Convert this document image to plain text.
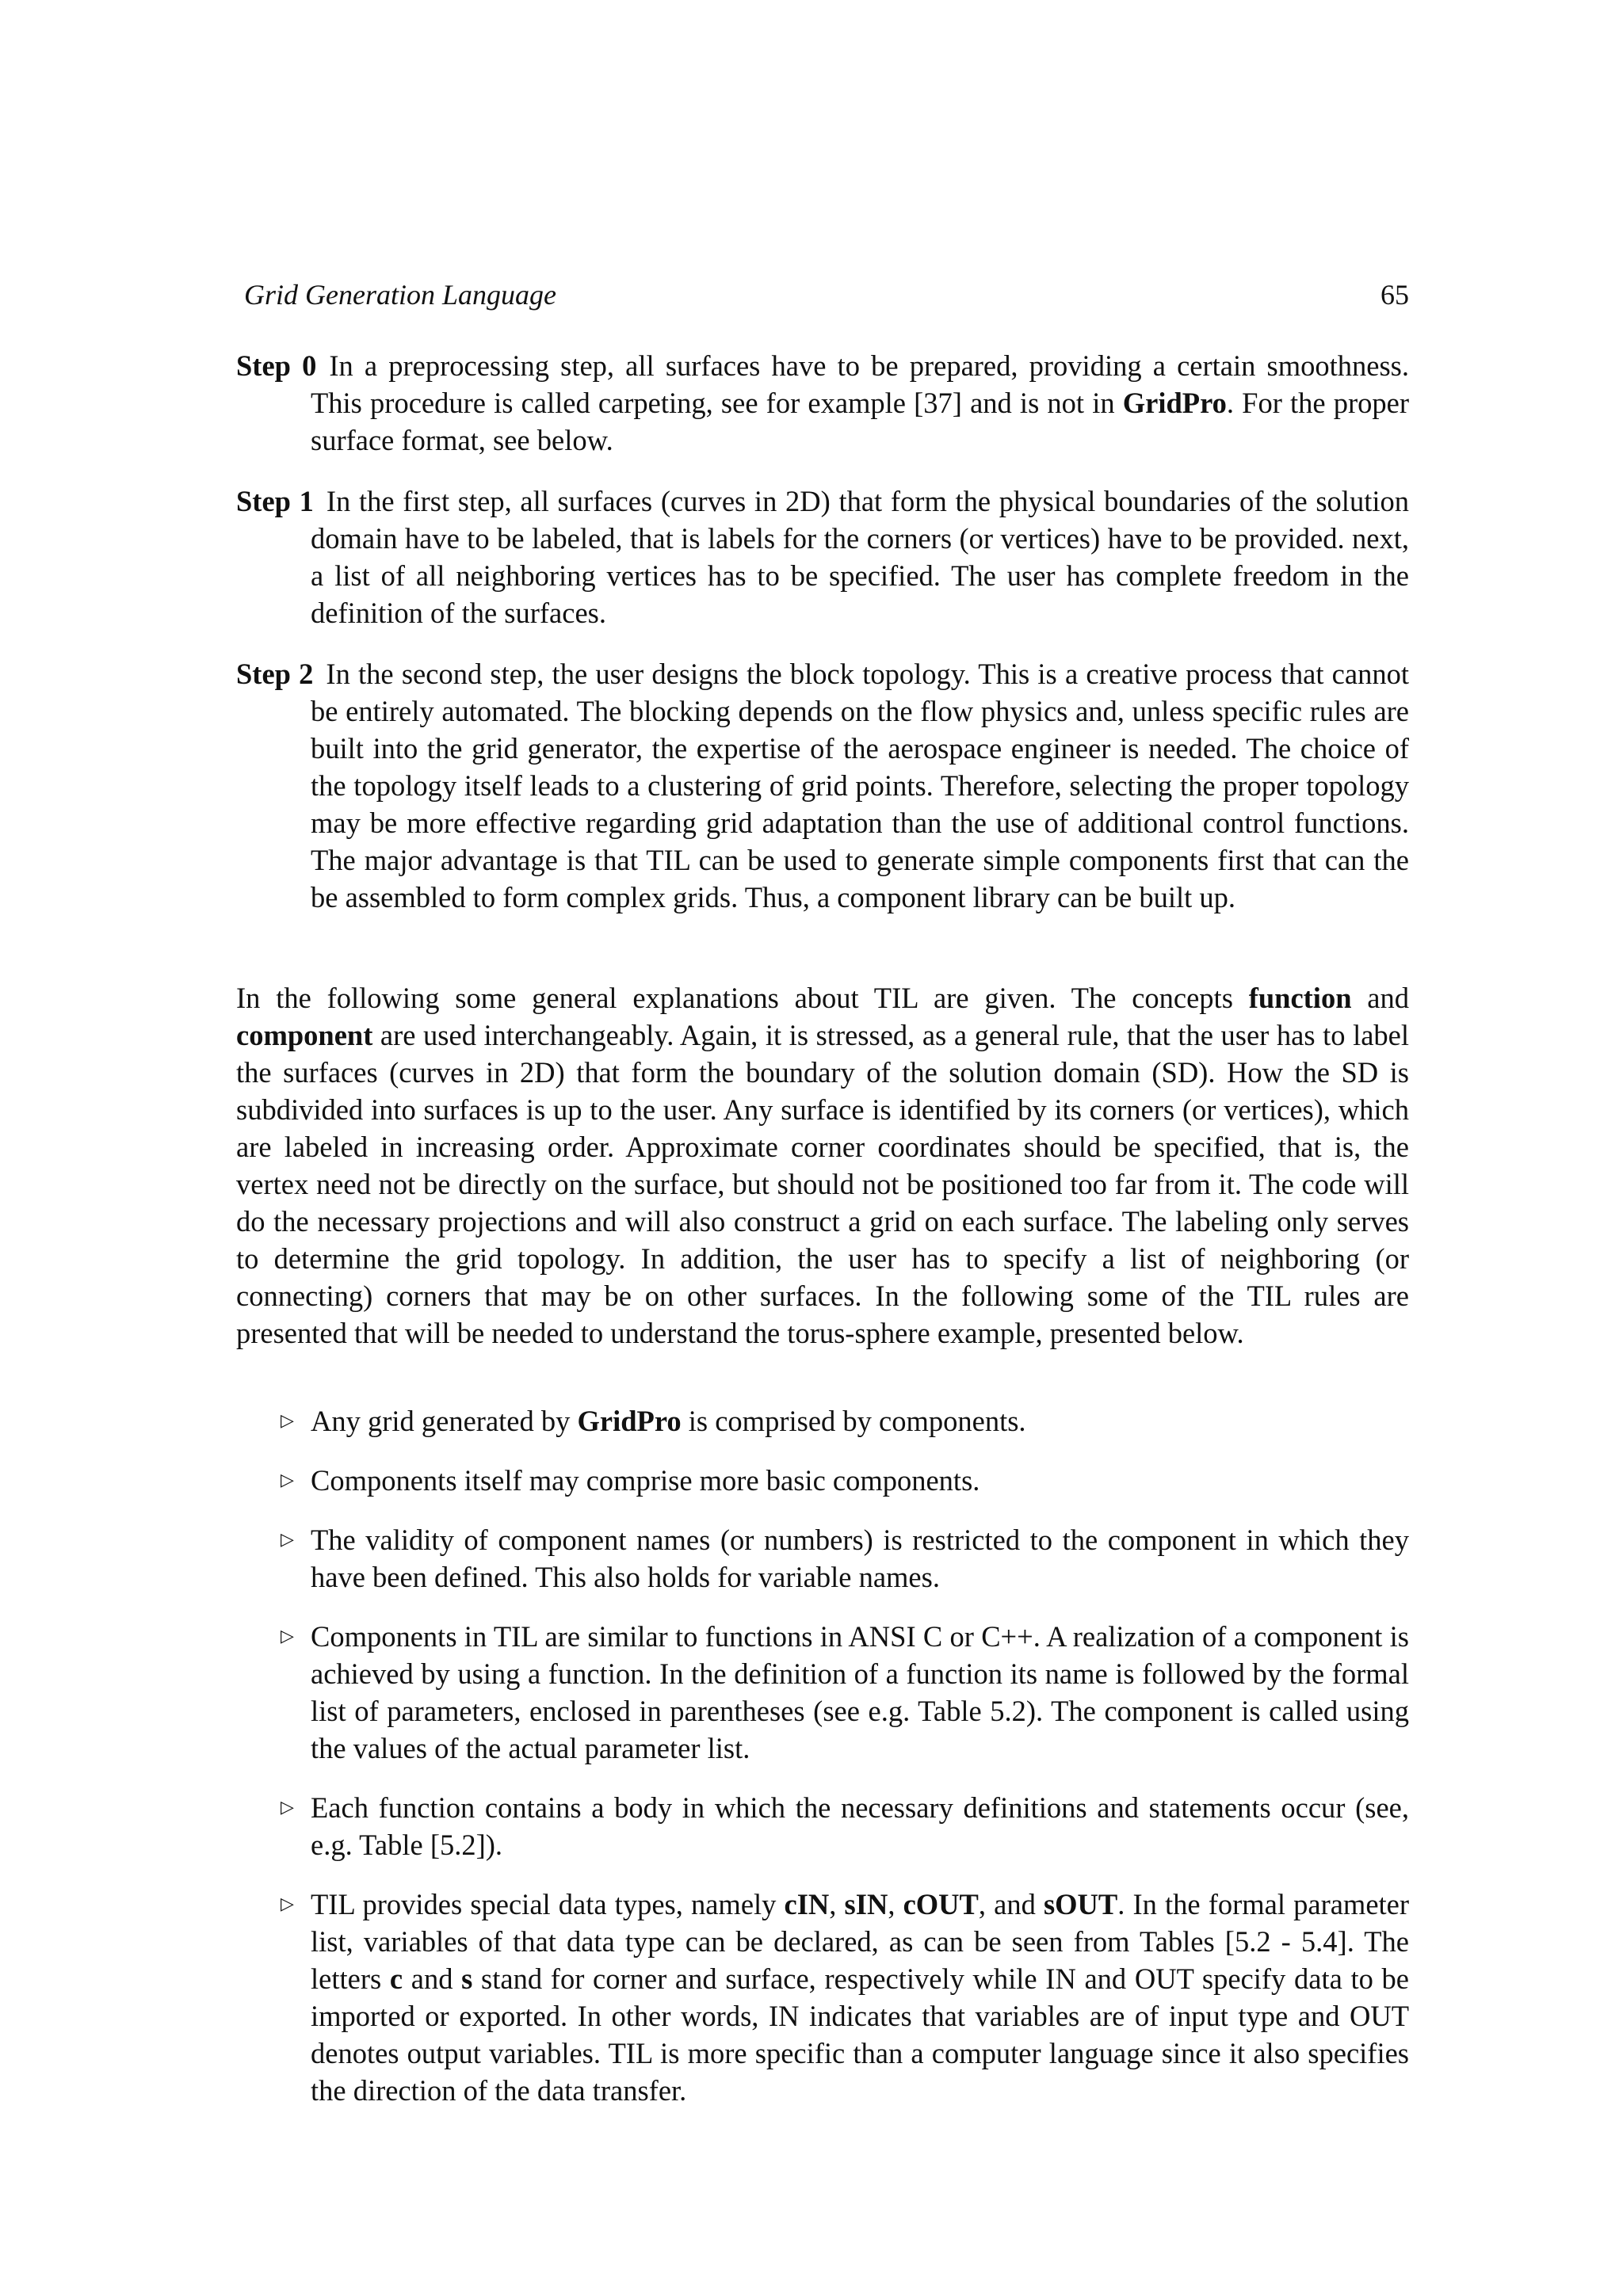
Grid Generation Language	65

Step 0 In a preprocessing step, all surfaces have to be prepared, providing a certain smoothness. This procedure is called carpeting, see for example [37] and is not in GridPro. For the proper surface format, see below.

Step 1 In the first step, all surfaces (curves in 2D) that form the physical boundaries of the solution domain have to be labeled, that is labels for the corners (or vertices) have to be provided. next, a list of all neighboring vertices has to be specified. The user has complete freedom in the definition of the surfaces.

Step 2 In the second step, the user designs the block topology. This is a creative process that cannot be entirely automated. The blocking depends on the flow physics and, unless specific rules are built into the grid generator, the expertise of the aerospace engineer is needed. The choice of the topology itself leads to a clustering of grid points. Therefore, selecting the proper topology may be more effective regarding grid adaptation than the use of additional control functions. The major advantage is that TIL can be used to generate simple components first that can the be assembled to form complex grids. Thus, a component library can be built up.

In the following some general explanations about TIL are given. The concepts function and component are used interchangeably. Again, it is stressed, as a general rule, that the user has to label the surfaces (curves in 2D) that form the boundary of the solution domain (SD). How the SD is subdivided into surfaces is up to the user. Any surface is identified by its corners (or vertices), which are labeled in increasing order. Approximate corner coordinates should be specified, that is, the vertex need not be directly on the surface, but should not be positioned too far from it. The code will do the necessary projections and will also construct a grid on each surface. The labeling only serves to determine the grid topology. In addition, the user has to specify a list of neighboring (or connecting) corners that may be on other surfaces. In the following some of the TIL rules are presented that will be needed to understand the torus-sphere example, presented below.

▷ Any grid generated by GridPro is comprised by components.
▷ Components itself may comprise more basic components.
▷ The validity of component names (or numbers) is restricted to the component in which they have been defined. This also holds for variable names.
▷ Components in TIL are similar to functions in ANSI C or C++. A realization of a component is achieved by using a function. In the definition of a function its name is followed by the formal list of parameters, enclosed in parentheses (see e.g. Table 5.2). The component is called using the values of the actual parameter list.
▷ Each function contains a body in which the necessary definitions and statements occur (see, e.g. Table [5.2]).
▷ TIL provides special data types, namely cIN, sIN, cOUT, and sOUT. In the formal parameter list, variables of that data type can be declared, as can be seen from Tables [5.2 - 5.4]. The letters c and s stand for corner and surface, respectively while IN and OUT specify data to be imported or exported. In other words, IN indicates that variables are of input type and OUT denotes output variables. TIL is more specific than a computer language since it also specifies the direction of the data transfer.
